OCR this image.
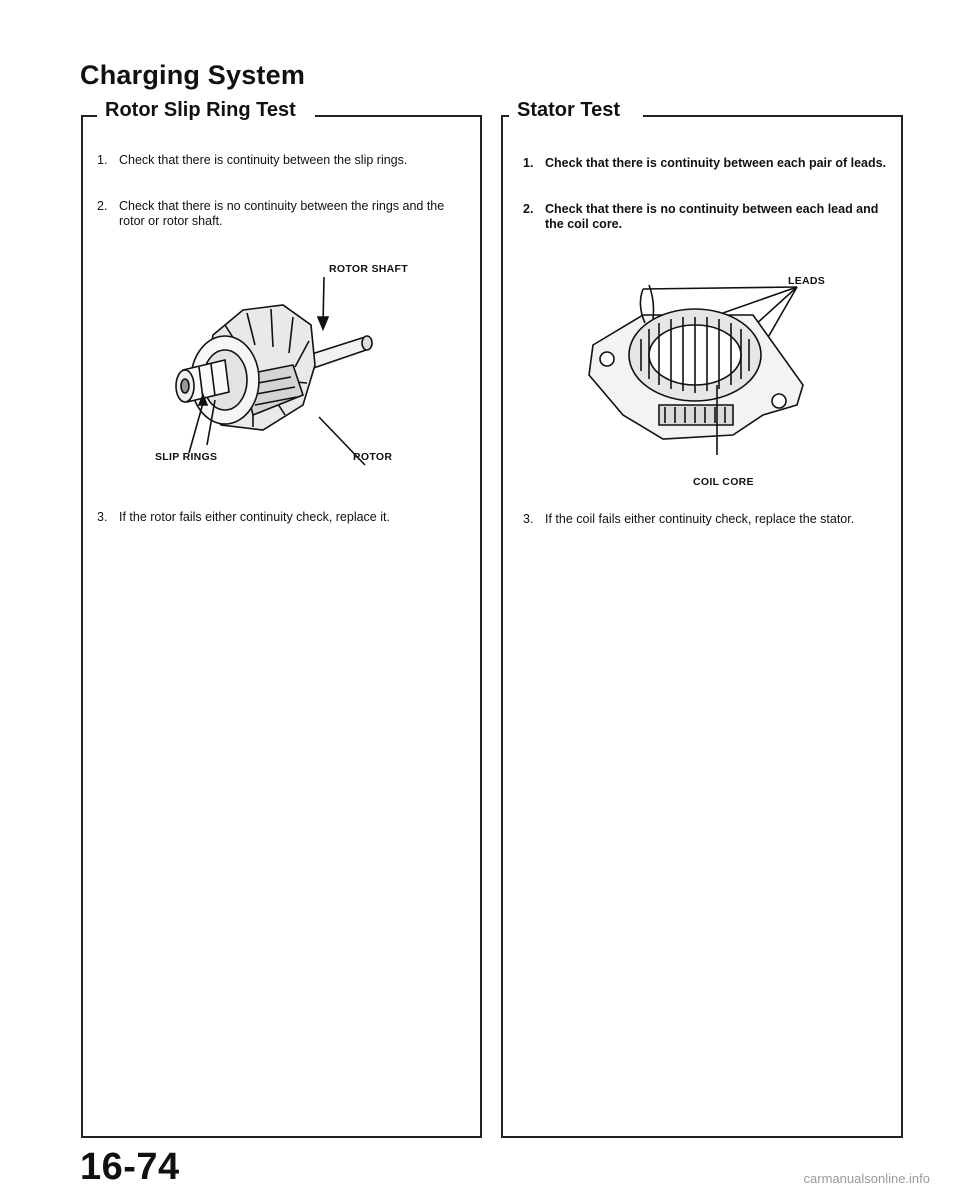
Charging System
Rotor Slip Ring Test
1. Check that there is continuity between the slip rings.
2. Check that there is no continuity between the rings and the rotor or rotor shaft.
ROTOR SHAFT
SLIP RINGS	ROTOR
3. If the rotor fails either continuity check, replace it.
Stator Test
1. Check that there is continuity between each pair of leads.
2. Check that there is no continuity between each lead and the coil core.
LEADS
COIL CORE
3. If the coil fails either continuity check, replace the stator.
16-74	carmanualsonline.info
